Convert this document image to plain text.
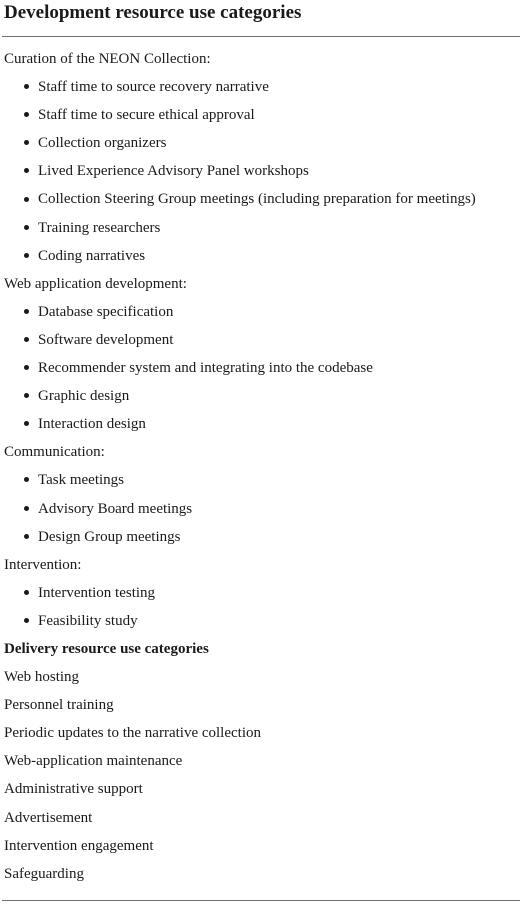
Development resource use categories
Curation of the NEON Collection:
Staff time to source recovery narrative
Staff time to secure ethical approval
Collection organizers
Lived Experience Advisory Panel workshops
Collection Steering Group meetings (including preparation for meetings)
Training researchers
Coding narratives
Web application development:
Database specification
Software development
Recommender system and integrating into the codebase
Graphic design
Interaction design
Communication:
Task meetings
Advisory Board meetings
Design Group meetings
Intervention:
Intervention testing
Feasibility study
Delivery resource use categories
Web hosting
Personnel training
Periodic updates to the narrative collection
Web-application maintenance
Administrative support
Advertisement
Intervention engagement
Safeguarding
